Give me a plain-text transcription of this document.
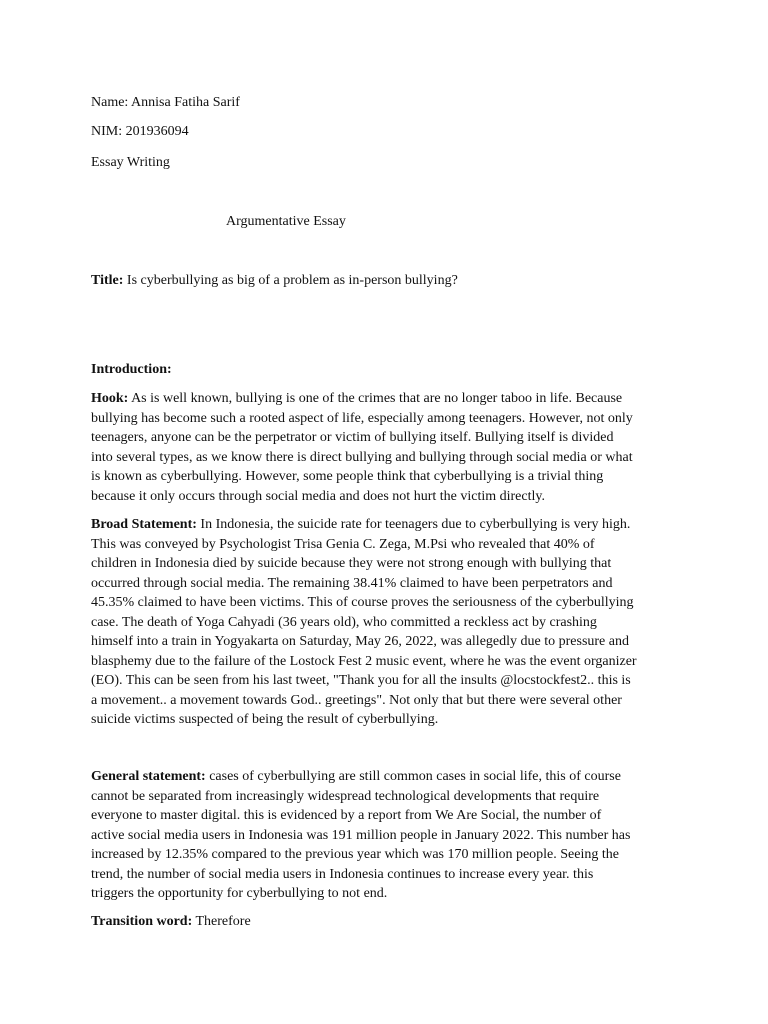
Name: Annisa Fatiha Sarif
NIM: 201936094
Essay Writing
Argumentative Essay
Title: Is cyberbullying as big of a problem as in-person bullying?
Introduction:
Hook: As is well known, bullying is one of the crimes that are no longer taboo in life. Because
bullying has become such a rooted aspect of life, especially among teenagers. However, not only
teenagers, anyone can be the perpetrator or victim of bullying itself. Bullying itself is divided
into several types, as we know there is direct bullying and bullying through social media or what
is known as cyberbullying. However, some people think that cyberbullying is a trivial thing
because it only occurs through social media and does not hurt the victim directly.
Broad Statement: In Indonesia, the suicide rate for teenagers due to cyberbullying is very high.
This was conveyed by Psychologist Trisa Genia C. Zega, M.Psi who revealed that 40% of
children in Indonesia died by suicide because they were not strong enough with bullying that
occurred through social media. The remaining 38.41% claimed to have been perpetrators and
45.35% claimed to have been victims. This of course proves the seriousness of the cyberbullying
case. The death of Yoga Cahyadi (36 years old), who committed a reckless act by crashing
himself into a train in Yogyakarta on Saturday, May 26, 2022, was allegedly due to pressure and
blasphemy due to the failure of the Lostock Fest 2 music event, where he was the event organizer
(EO). This can be seen from his last tweet, "Thank you for all the insults @locstockfest2.. this is
a movement.. a movement towards God.. greetings". Not only that but there were several other
suicide victims suspected of being the result of cyberbullying.
General statement: cases of cyberbullying are still common cases in social life, this of course
cannot be separated from increasingly widespread technological developments that require
everyone to master digital. this is evidenced by a report from We Are Social, the number of
active social media users in Indonesia was 191 million people in January 2022. This number has
increased by 12.35% compared to the previous year which was 170 million people. Seeing the
trend, the number of social media users in Indonesia continues to increase every year. this
triggers the opportunity for cyberbullying to not end.
Transition word: Therefore
